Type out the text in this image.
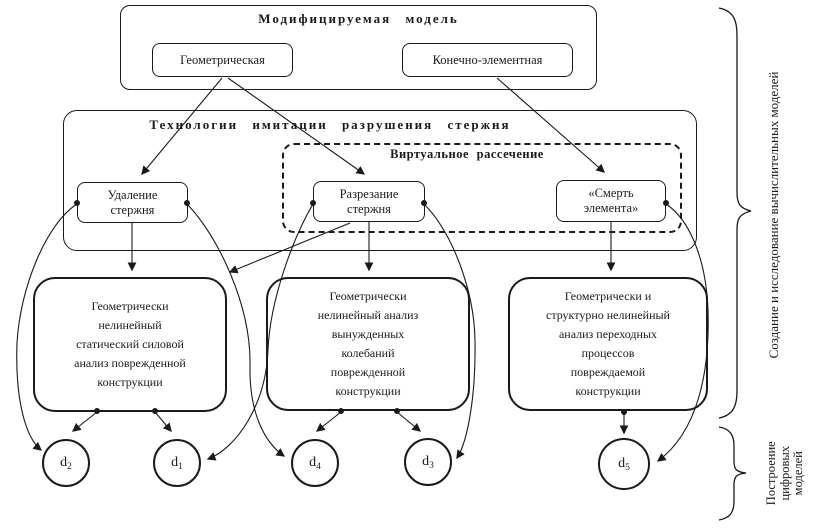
Модифицируемая модель
Геометрическая	Конечно-элементная
Технологии имитации разрушения стержня
Виртуальное рассечение
Удаление
стержня
Разрезание
стержня
«Смерть
элемента»
Геометрически
нелинейный
статический силовой
анализ поврежденной
конструкции
Геометрически
нелинейный анализ
вынужденных
колебаний
поврежденной
конструкции
Геометрически и
структурно нелинейный
анализ переходных
процессов
повреждаемой
конструкции
$d_2$	$d_1$	$d_4$	$d_3$	$d_5$
Создание и исследование вычислительных моделей
Построение цифровых моделей
